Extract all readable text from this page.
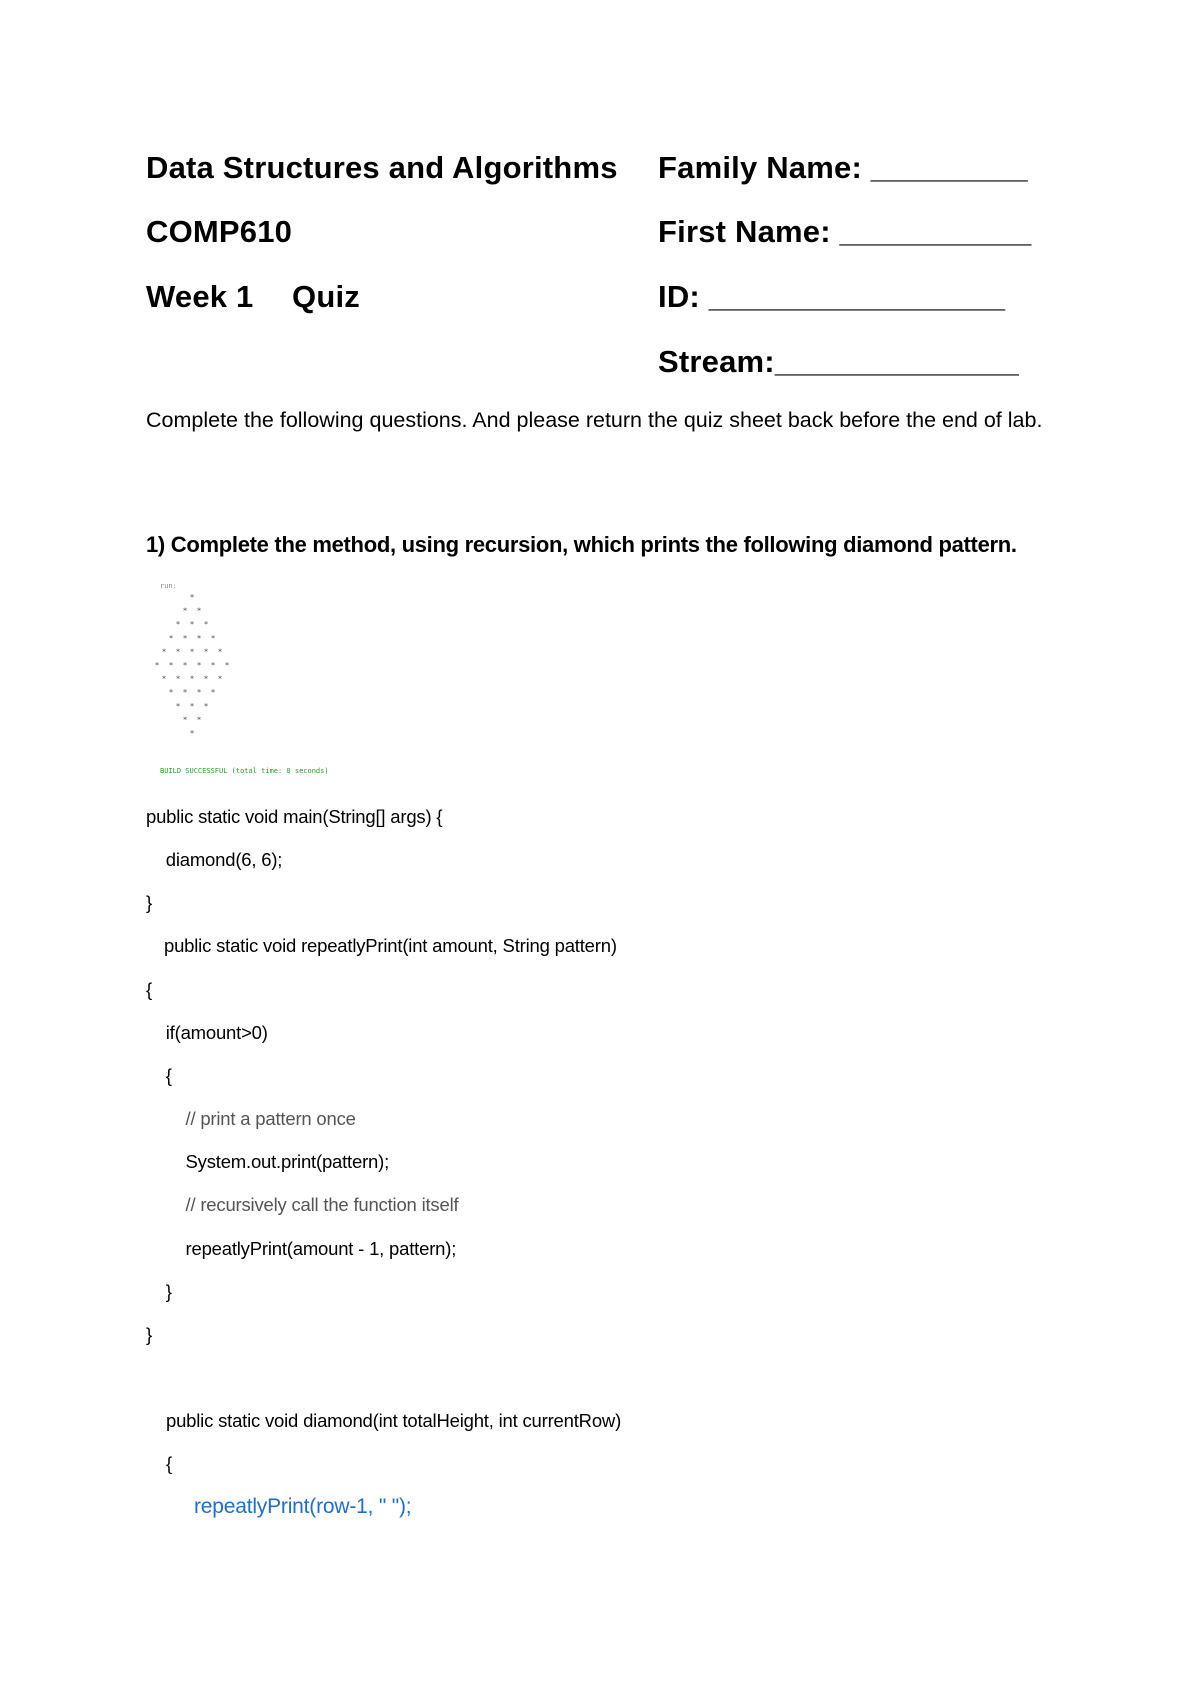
Data Structures and Algorithms
COMP610
Week 1 Quiz
Family Name: _________
First Name: ___________
ID: _________________
Stream:______________
Complete the following questions. And please return the quiz sheet back before the end of lab.
1) Complete the method, using recursion, which prints the following diamond pattern.
run:
*
* *
* * *
* * * *
* * * * *
* * * * * *
* * * * *
* * * *
* * *
* *
*
BUILD SUCCESSFUL (total time: 0 seconds)
public static void main(String[] args) {
diamond(6, 6);
}
public static void repeatlyPrint(int amount, String pattern)
{
if(amount>0)
{
// print a pattern once
System.out.print(pattern);
// recursively call the function itself
repeatlyPrint(amount - 1, pattern);
}
}
public static void diamond(int totalHeight, int currentRow)
{
repeatlyPrint(row-1, " ");
